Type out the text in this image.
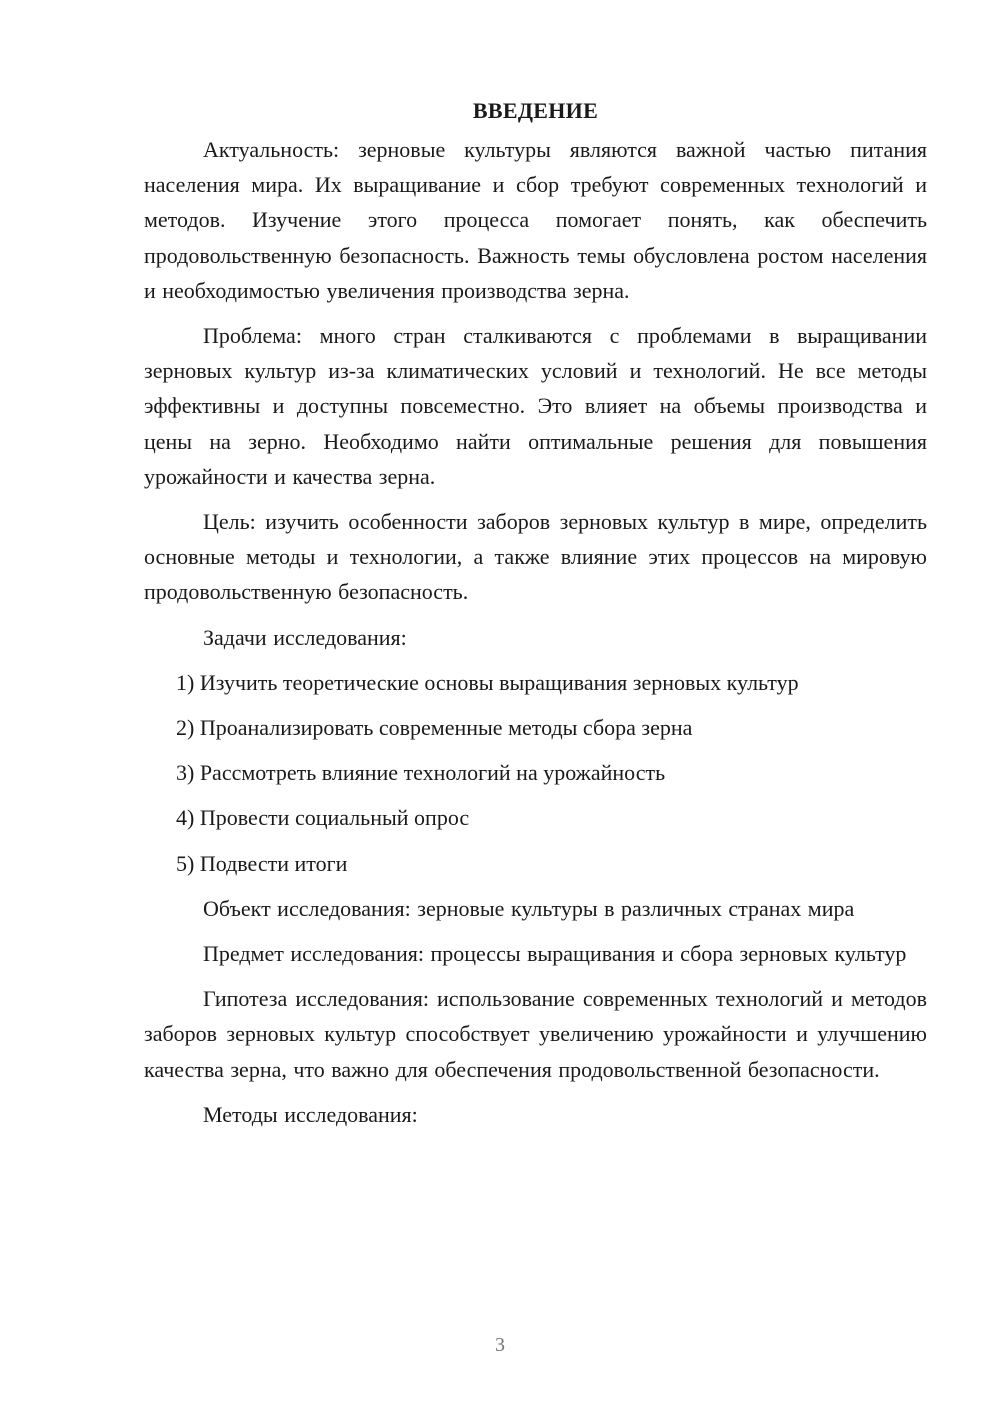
ВВЕДЕНИЕ

Актуальность: зерновые культуры являются важной частью питания населения мира. Их выращивание и сбор требуют современных технологий и методов. Изучение этого процесса помогает понять, как обеспечить продовольственную безопасность. Важность темы обусловлена ростом населения и необходимостью увеличения производства зерна.

Проблема: много стран сталкиваются с проблемами в выращивании зерновых культур из-за климатических условий и технологий. Не все методы эффективны и доступны повсеместно. Это влияет на объемы производства и цены на зерно. Необходимо найти оптимальные решения для повышения урожайности и качества зерна.

Цель: изучить особенности заборов зерновых культур в мире, определить основные методы и технологии, а также влияние этих процессов на мировую продовольственную безопасность.

Задачи исследования:

1) Изучить теоретические основы выращивания зерновых культур
2) Проанализировать современные методы сбора зерна
3) Рассмотреть влияние технологий на урожайность
4) Провести социальный опрос
5) Подвести итоги

Объект исследования: зерновые культуры в различных странах мира

Предмет исследования: процессы выращивания и сбора зерновых культур

Гипотеза исследования: использование современных технологий и методов заборов зерновых культур способствует увеличению урожайности и улучшению качества зерна, что важно для обеспечения продовольственной безопасности.

Методы исследования:

3
